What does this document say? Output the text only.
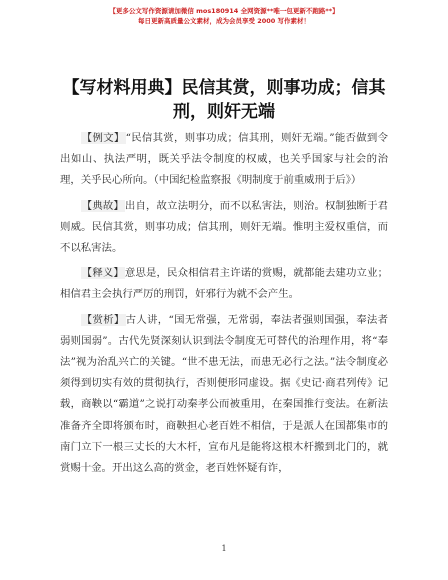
【更多公文写作资源请加微信 mos180914 全网资源**唯一包更新不跑路**】
每日更新高质量公文素材，成为会员享受 2000 写作素材！
【写材料用典】民信其赏，则事功成；信其刑，则奸无端

【例文】“民信其赏，则事功成；信其刑，则奸无端。”能否做到令出如山、执法严明，既关乎法令制度的权威，也关乎国家与社会的治理，关乎民心所向。（中国纪检监察报《明制度于前重威刑于后》）

【典故】出自，故立法明分，而不以私害法，则治。权制独断于君则威。民信其赏，则事功成；信其刑，则奸无端。惟明主爱权重信，而不以私害法。

【释义】意思是，民众相信君主许诺的赏赐，就都能去建功立业；相信君主会执行严厉的刑罚，奸邪行为就不会产生。

【赏析】古人讲，“国无常强，无常弱，奉法者强则国强，奉法者弱则国弱”。古代先贤深刻认识到法令制度无可替代的治理作用，将“奉法”视为治乱兴亡的关键。“世不患无法，而患无必行之法。”法令制度必须得到切实有效的贯彻执行，否则便形同虚设。据《史记·商君列传》记载，商鞅以“霸道”之说打动秦孝公而被重用，在秦国推行变法。在新法准备齐全即将颁布时，商鞅担心老百姓不相信，于是派人在国都集市的南门立下一根三丈长的大木杆，宣布凡是能将这根木杆搬到北门的，就赏赐十金。开出这么高的赏金，老百姓怀疑有诈，

1
